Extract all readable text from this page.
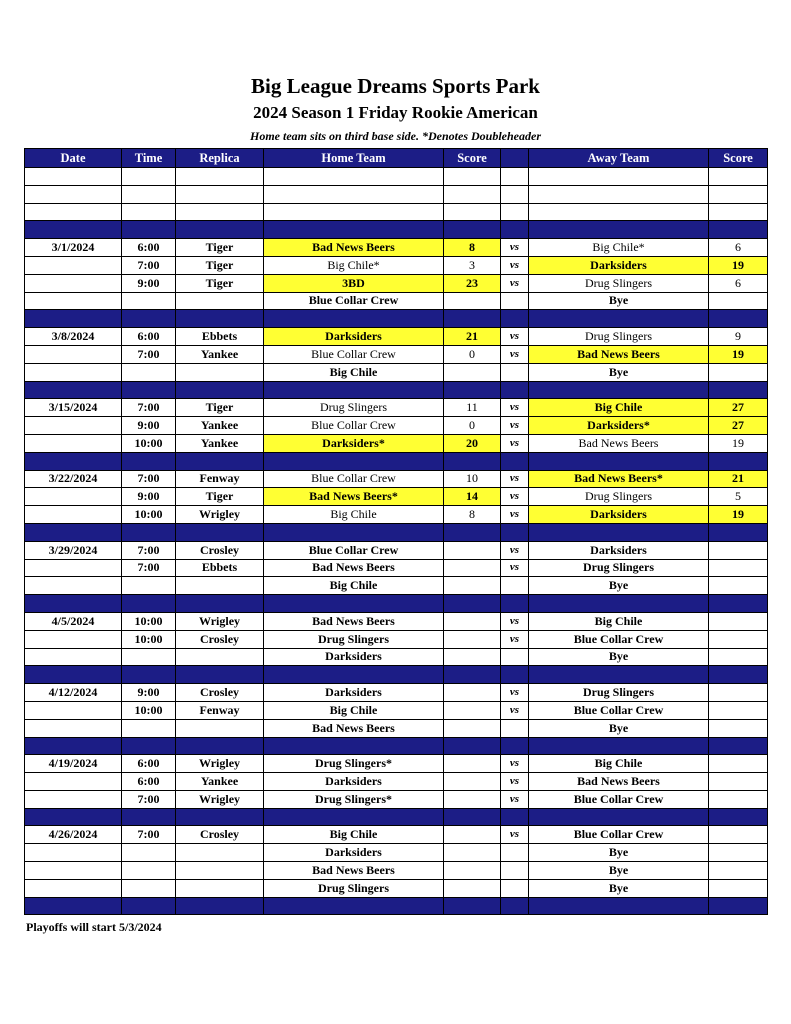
Big League Dreams Sports Park
2024 Season 1 Friday Rookie American
Home team sits on third base side. *Denotes Doubleheader
Date	Time	Replica	Home Team	Score		Away Team	Score

3/1/2024	6:00	Tiger	Bad News Beers	8	vs	Big Chile*	6
	7:00	Tiger	Big Chile*	3	vs	Darksiders	19
	9:00	Tiger	3BD	23	vs	Drug Slingers	6
			Blue Collar Crew			Bye	

3/8/2024	6:00	Ebbets	Darksiders	21	vs	Drug Slingers	9
	7:00	Yankee	Blue Collar Crew	0	vs	Bad News Beers	19
			Big Chile			Bye	

3/15/2024	7:00	Tiger	Drug Slingers	11	vs	Big Chile	27
	9:00	Yankee	Blue Collar Crew	0	vs	Darksiders*	27
	10:00	Yankee	Darksiders*	20	vs	Bad News Beers	19

3/22/2024	7:00	Fenway	Blue Collar Crew	10	vs	Bad News Beers*	21
	9:00	Tiger	Bad News Beers*	14	vs	Drug Slingers	5
	10:00	Wrigley	Big Chile	8	vs	Darksiders	19

3/29/2024	7:00	Crosley	Blue Collar Crew		vs	Darksiders	
	7:00	Ebbets	Bad News Beers		vs	Drug Slingers	
			Big Chile			Bye	

4/5/2024	10:00	Wrigley	Bad News Beers		vs	Big Chile	
	10:00	Crosley	Drug Slingers		vs	Blue Collar Crew	
			Darksiders			Bye	

4/12/2024	9:00	Crosley	Darksiders		vs	Drug Slingers	
	10:00	Fenway	Big Chile		vs	Blue Collar Crew	
			Bad News Beers			Bye	

4/19/2024	6:00	Wrigley	Drug Slingers*		vs	Big Chile	
	6:00	Yankee	Darksiders		vs	Bad News Beers	
	7:00	Wrigley	Drug Slingers*		vs	Blue Collar Crew	

4/26/2024	7:00	Crosley	Big Chile		vs	Blue Collar Crew	
			Darksiders			Bye	
			Bad News Beers			Bye	
			Drug Slingers			Bye	

Playoffs will start 5/3/2024
